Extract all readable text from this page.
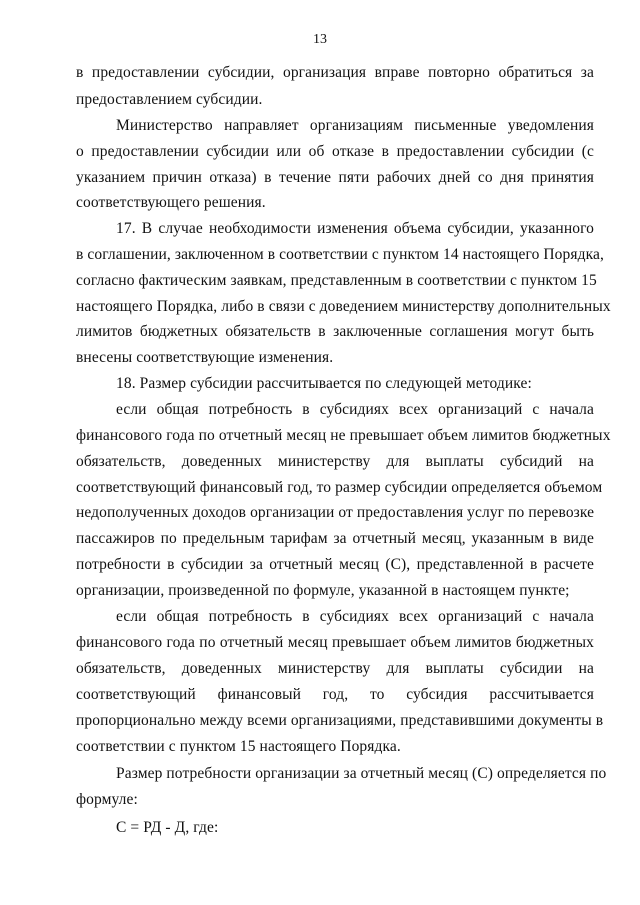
13
в предоставлении субсидии, организация вправе повторно обратиться за
предоставлением субсидии.
Министерство направляет организациям письменные уведомления
о предоставлении субсидии или об отказе в предоставлении субсидии (с
указанием причин отказа) в течение пяти рабочих дней со дня принятия
соответствующего решения.
17. В случае необходимости изменения объема субсидии, указанного
в соглашении, заключенном в соответствии с пунктом 14 настоящего Порядка,
согласно фактическим заявкам, представленным в соответствии с пунктом 15
настоящего Порядка, либо в связи с доведением министерству дополнительных
лимитов бюджетных обязательств в заключенные соглашения могут быть
внесены соответствующие изменения.
18. Размер субсидии рассчитывается по следующей методике:
если общая потребность в субсидиях всех организаций с начала
финансового года по отчетный месяц не превышает объем лимитов бюджетных
обязательств, доведенных министерству для выплаты субсидий на
соответствующий финансовый год, то размер субсидии определяется объемом
недополученных доходов организации от предоставления услуг по перевозке
пассажиров по предельным тарифам за отчетный месяц, указанным в виде
потребности в субсидии за отчетный месяц (С), представленной в расчете
организации, произведенной по формуле, указанной в настоящем пункте;
если общая потребность в субсидиях всех организаций с начала
финансового года по отчетный месяц превышает объем лимитов бюджетных
обязательств, доведенных министерству для выплаты субсидии на
соответствующий финансовый год, то субсидия рассчитывается
пропорционально между всеми организациями, представившими документы в
соответствии с пунктом 15 настоящего Порядка.
Размер потребности организации за отчетный месяц (С) определяется по
формуле:
С = РД - Д, где:
